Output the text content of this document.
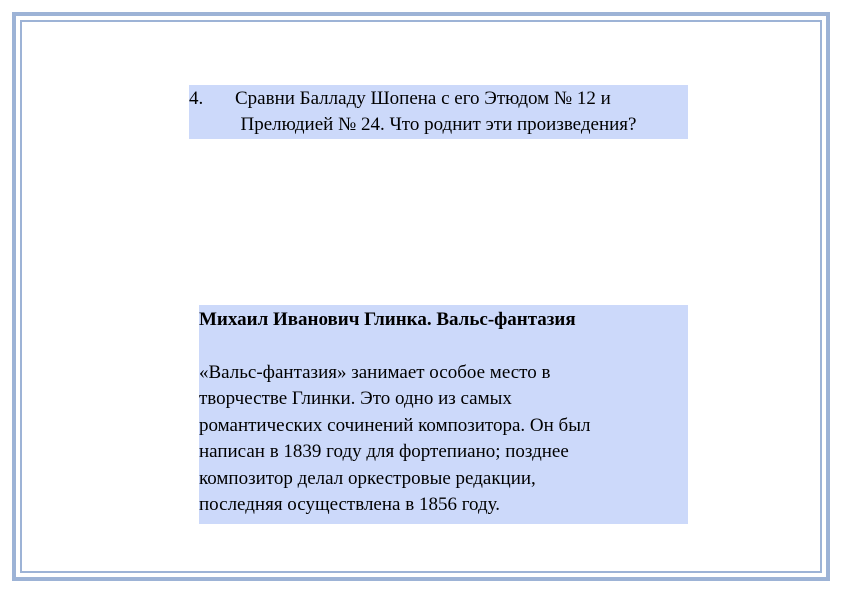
4. Сравни Балладу Шопена с его Этюдом № 12 и
Прелюдией № 24. Что роднит эти произведения?
Михаил Иванович Глинка. Вальс-фантазия
«Вальс-фантазия» занимает особое место в
творчестве Глинки. Это одно из самых
романтических сочинений композитора. Он был
написан в 1839 году для фортепиано; позднее
композитор делал оркестровые редакции,
последняя осуществлена в 1856 году.
